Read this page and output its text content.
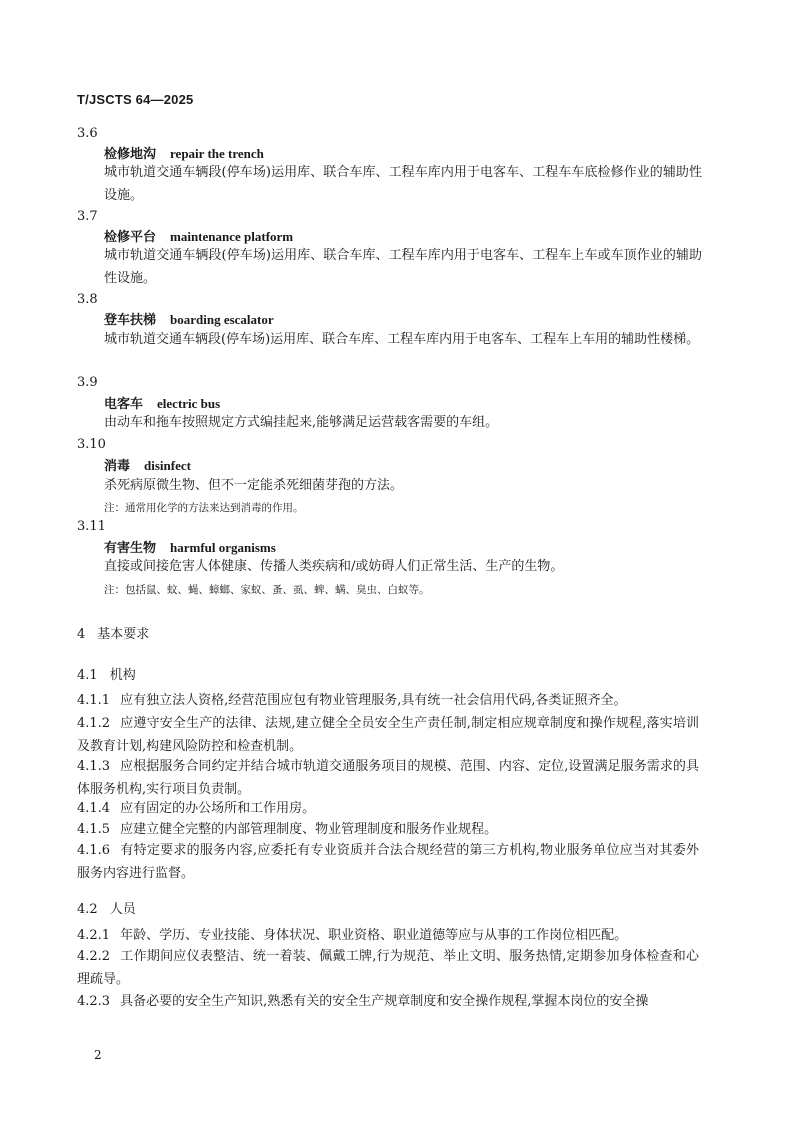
T/JSCTS 64—2025
3.6
检修地沟 repair the trench
城市轨道交通车辆段(停车场)运用库、联合车库、工程车库内用于电客车、工程车车底检修作业的辅助性设施。
3.7
检修平台 maintenance platform
城市轨道交通车辆段(停车场)运用库、联合车库、工程车库内用于电客车、工程车上车或车顶作业的辅助性设施。
3.8
登车扶梯 boarding escalator
城市轨道交通车辆段(停车场)运用库、联合车库、工程车库内用于电客车、工程车上车用的辅助性楼梯。
3.9
电客车 electric bus
由动车和拖车按照规定方式编挂起来,能够满足运营载客需要的车组。
3.10
消毒 disinfect
杀死病原微生物、但不一定能杀死细菌芽孢的方法。
注：通常用化学的方法来达到消毒的作用。
3.11
有害生物 harmful organisms
直接或间接危害人体健康、传播人类疾病和/或妨碍人们正常生活、生产的生物。
注：包括鼠、蚊、蝇、蟑螂、家蚁、蚤、虱、蜱、螨、臭虫、白蚁等。
4 基本要求
4.1 机构
4.1.1 应有独立法人资格,经营范围应包有物业管理服务,具有统一社会信用代码,各类证照齐全。
4.1.2 应遵守安全生产的法律、法规,建立健全全员安全生产责任制,制定相应规章制度和操作规程,落实培训及教育计划,构建风险防控和检查机制。
4.1.3 应根据服务合同约定并结合城市轨道交通服务项目的规模、范围、内容、定位,设置满足服务需求的具体服务机构,实行项目负责制。
4.1.4 应有固定的办公场所和工作用房。
4.1.5 应建立健全完整的内部管理制度、物业管理制度和服务作业规程。
4.1.6 有特定要求的服务内容,应委托有专业资质并合法合规经营的第三方机构,物业服务单位应当对其委外服务内容进行监督。
4.2 人员
4.2.1 年龄、学历、专业技能、身体状况、职业资格、职业道德等应与从事的工作岗位相匹配。
4.2.2 工作期间应仪表整洁、统一着装、佩戴工牌,行为规范、举止文明、服务热情,定期参加身体检查和心理疏导。
4.2.3 具备必要的安全生产知识,熟悉有关的安全生产规章制度和安全操作规程,掌握本岗位的安全操
2
